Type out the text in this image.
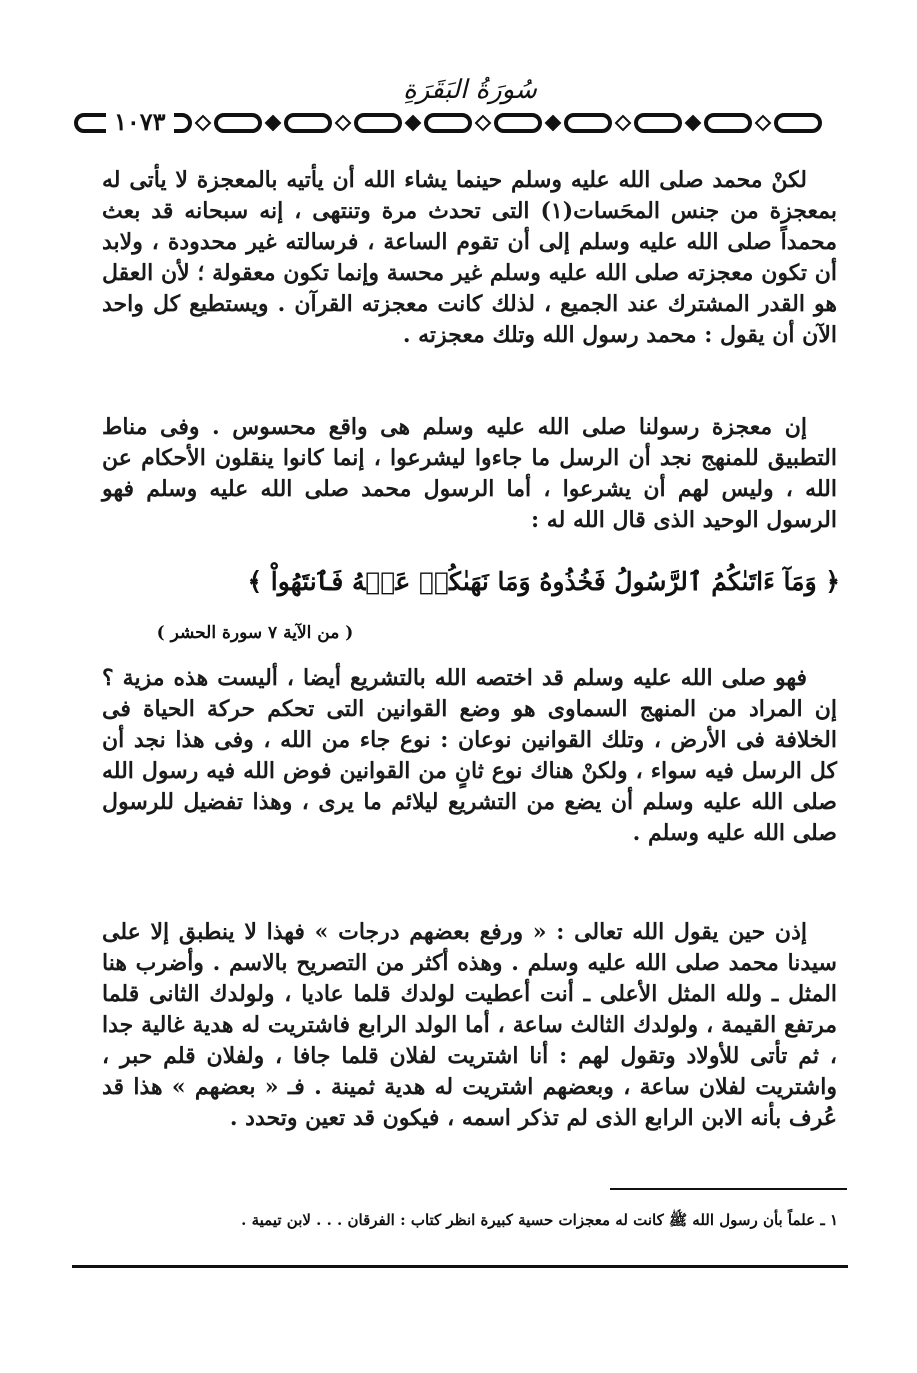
سُورَةُ البَقَرَةِ
١٠٧٣

لكنْ محمد صلى الله عليه وسلم حينما يشاء الله أن يأتيه بالمعجزة لا يأتى له بمعجزة من جنس المحَسات(١) التى تحدث مرة وتنتهى ، إنه سبحانه قد بعث محمداً صلى الله عليه وسلم إلى أن تقوم الساعة ، فرسالته غير محدودة ، ولابد أن تكون معجزته صلى الله عليه وسلم غير محسة وإنما تكون معقولة ؛ لأن العقل هو القدر المشترك عند الجميع ، لذلك كانت معجزته القرآن . ويستطيع كل واحد الآن أن يقول : محمد رسول الله وتلك معجزته .

إن معجزة رسولنا صلى الله عليه وسلم هى واقع محسوس . وفى مناط التطبيق للمنهج نجد أن الرسل ما جاءوا ليشرعوا ، إنما كانوا ينقلون الأحكام عن الله ، وليس لهم أن يشرعوا ، أما الرسول محمد صلى الله عليه وسلم فهو الرسول الوحيد الذى قال الله له :

﴿ وَمَآ ءَاتَىٰكُمُ ٱلرَّسُولُ فَخُذُوهُ وَمَا نَهَىٰكُمۡ عَنۡهُ فَٱنتَهُواْ ﴾
( من الآية ٧ سورة الحشر )

فهو صلى الله عليه وسلم قد اختصه الله بالتشريع أيضا ، أليست هذه مزية ؟ إن المراد من المنهج السماوى هو وضع القوانين التى تحكم حركة الحياة فى الخلافة فى الأرض ، وتلك القوانين نوعان : نوع جاء من الله ، وفى هذا نجد أن كل الرسل فيه سواء ، ولكنْ هناك نوع ثانٍ من القوانين فوض الله فيه رسول الله صلى الله عليه وسلم أن يضع من التشريع ليلائم ما يرى ، وهذا تفضيل للرسول صلى الله عليه وسلم .

إذن حين يقول الله تعالى : « ورفع بعضهم درجات » فهذا لا ينطبق إلا على سيدنا محمد صلى الله عليه وسلم . وهذه أكثر من التصريح بالاسم . وأضرب هنا المثل ـ ولله المثل الأعلى ـ أنت أعطيت لولدك قلما عاديا ، ولولدك الثانى قلما مرتفع القيمة ، ولولدك الثالث ساعة ، أما الولد الرابع فاشتريت له هدية غالية جدا ، ثم تأتى للأولاد وتقول لهم : أنا اشتريت لفلان قلما جافا ، ولفلان قلم حبر ، واشتريت لفلان ساعة ، وبعضهم اشتريت له هدية ثمينة . فـ « بعضهم » هذا قد عُرف بأنه الابن الرابع الذى لم تذكر اسمه ، فيكون قد تعين وتحدد .

١ ـ علماً بأن رسول الله ﷺ كانت له معجزات حسية كبيرة انظر كتاب : الفرقان . . . لابن تيمية .
